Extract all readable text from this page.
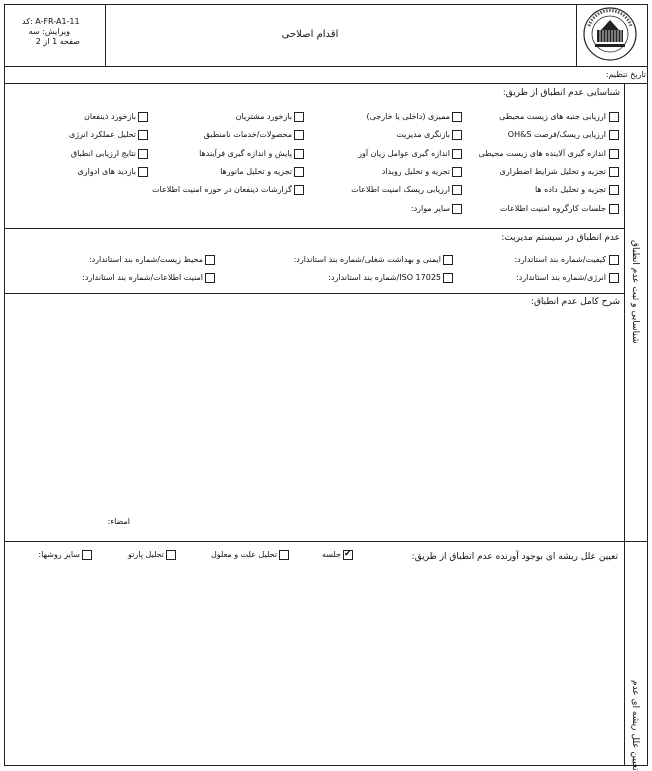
اقدام اصلاحی
کد: A-FR-A1-11
ویرایش: سه
صفحه 1 از 2
تاریخ تنظیم:
شناسایی و ثبت عدم انطباق
تعیین علل ریشه ای عدم
شناسایی عدم انطباق از طریق:
ارزیابی جنبه های زیست محیطی
ارزیابی ریسک/فرصت OH&S
اندازه گیری آلاینده های زیست محیطی
تجزیه و تحلیل شرایط اضطراری
تجزیه و تحلیل داده ها
جلسات کارگروه امنیت اطلاعات
ممیزی (داخلی یا خارجی)
بازنگری مدیریت
اندازه گیری عوامل زیان آور
تجزیه و تحلیل رویداد
ارزیابی ریسک امنیت اطلاعات
سایر موارد:
بازخورد مشتریان
محصولات/خدمات نامنطبق
پایش و اندازه گیری فرآیندها
تجزیه و تحلیل مانورها
گزارشات ذینفعان در حوزه امنیت اطلاعات
بازخورد ذینفعان
تحلیل عملکرد انرژی
نتایج ارزیابی انطباق
بازدید های ادواری
عدم انطباق در سیستم مدیریت:
کیفیت/شماره بند استاندارد:
انرژی/شماره بند استاندارد:
ایمنی و بهداشت شغلی/شماره بند استاندارد:
ISO 17025/شماره بند استاندارد:
محیط زیست/شماره بند استاندارد:
امنیت اطلاعات/شماره بند استاندارد:
شرح کامل عدم انطباق:
امضاء:
تعیین علل ریشه ای بوجود آورنده عدم انطباق از طریق:
✔
جلسه
تحلیل علت و معلول
تحلیل پارتو
سایر روشها:
